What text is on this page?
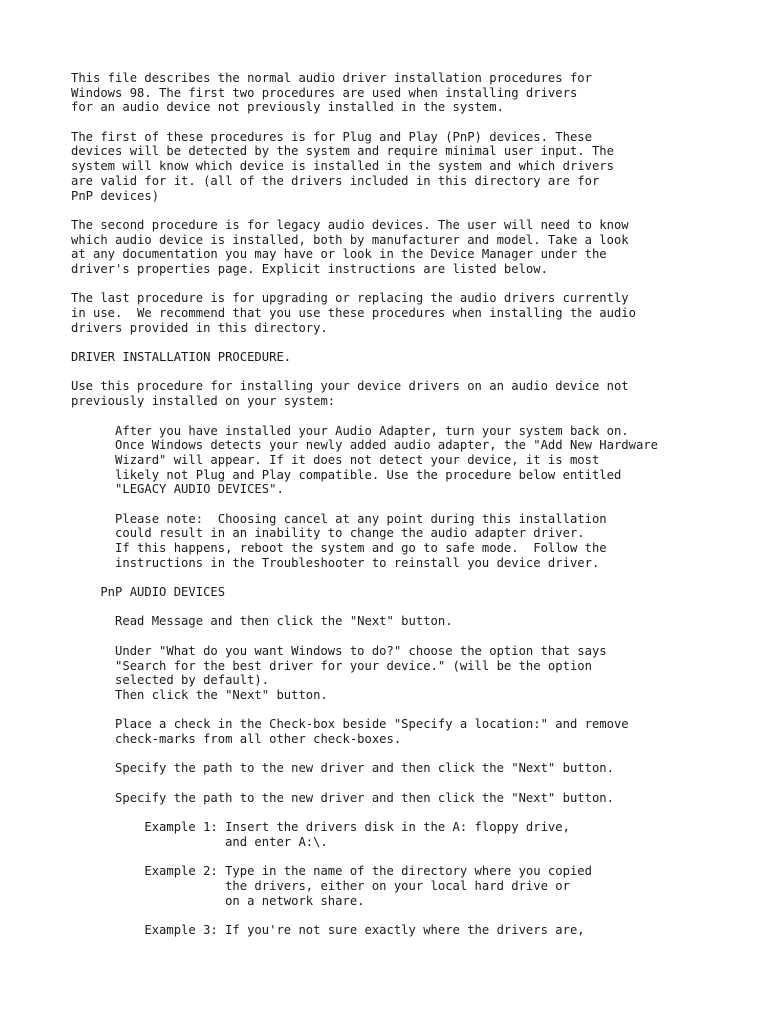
This file describes the normal audio driver installation procedures for
Windows 98. The first two procedures are used when installing drivers
for an audio device not previously installed in the system.
The first of these procedures is for Plug and Play (PnP) devices. These
devices will be detected by the system and require minimal user input. The
system will know which device is installed in the system and which drivers
are valid for it. (all of the drivers included in this directory are for
PnP devices)
The second procedure is for legacy audio devices. The user will need to know
which audio device is installed, both by manufacturer and model. Take a look
at any documentation you may have or look in the Device Manager under the
driver's properties page. Explicit instructions are listed below.
The last procedure is for upgrading or replacing the audio drivers currently
in use.  We recommend that you use these procedures when installing the audio
drivers provided in this directory.
DRIVER INSTALLATION PROCEDURE.
Use this procedure for installing your device drivers on an audio device not
previously installed on your system:
After you have installed your Audio Adapter, turn your system back on.
Once Windows detects your newly added audio adapter, the "Add New Hardware
Wizard" will appear. If it does not detect your device, it is most
likely not Plug and Play compatible. Use the procedure below entitled
"LEGACY AUDIO DEVICES".
Please note:  Choosing cancel at any point during this installation
could result in an inability to change the audio adapter driver.
If this happens, reboot the system and go to safe mode.  Follow the
instructions in the Troubleshooter to reinstall you device driver.
PnP AUDIO DEVICES
Read Message and then click the "Next" button.
Under "What do you want Windows to do?" choose the option that says
"Search for the best driver for your device." (will be the option
selected by default).
Then click the "Next" button.
Place a check in the Check-box beside "Specify a location:" and remove
check-marks from all other check-boxes.
Specify the path to the new driver and then click the "Next" button.
Specify the path to the new driver and then click the "Next" button.
Example 1: Insert the drivers disk in the A: floppy drive,
and enter A:\.
Example 2: Type in the name of the directory where you copied
the drivers, either on your local hard drive or
on a network share.
Example 3: If you're not sure exactly where the drivers are,
